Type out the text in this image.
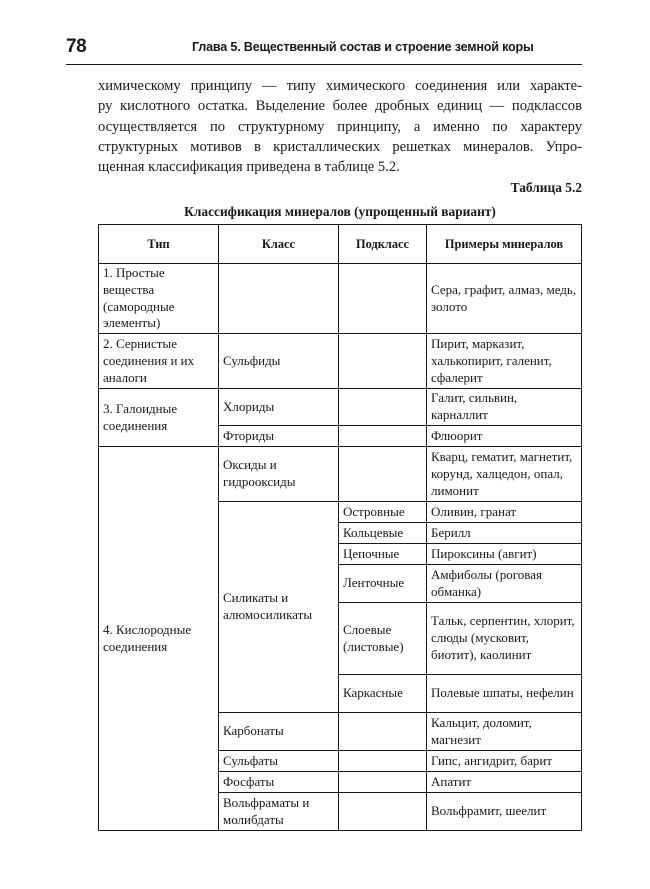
78	Глава 5. Вещественный состав и строение земной коры
химическому принципу — типу химического соединения или характе-
ру кислотного остатка. Выделение более дробных единиц — подклассов
осуществляется по структурному принципу, а именно по характеру
структурных мотивов в кристаллических решетках минералов. Упро-
щенная классификация приведена в таблице 5.2.
Таблица 5.2
Классификация минералов (упрощенный вариант)
Тип	Класс	Подкласс	Примеры минералов
1. Простые вещества (самородные элементы)			Сера, графит, алмаз, медь, золото
2. Сернистые соединения и их аналоги	Сульфиды		Пирит, марказит, халькопирит, галенит, сфалерит
3. Галоидные соединения	Хлориды		Галит, сильвин, карналлит
	Фториды		Флюорит
4. Кислородные соединения	Оксиды и гидрооксиды		Кварц, гематит, магнетит, корунд, халцедон, опал, лимонит
	Силикаты и алюмосиликаты	Островные	Оливин, гранат
		Кольцевые	Берилл
		Цепочные	Пироксины (авгит)
		Ленточные	Амфиболы (роговая обманка)
		Слоевые (листовые)	Тальк, серпентин, хлорит, слюды (мусковит, биотит), каолинит
		Каркасные	Полевые шпаты, нефелин
	Карбонаты		Кальцит, доломит, магнезит
	Сульфаты		Гипс, ангидрит, барит
	Фосфаты		Апатит
	Вольфраматы и молибдаты		Вольфрамит, шеелит
